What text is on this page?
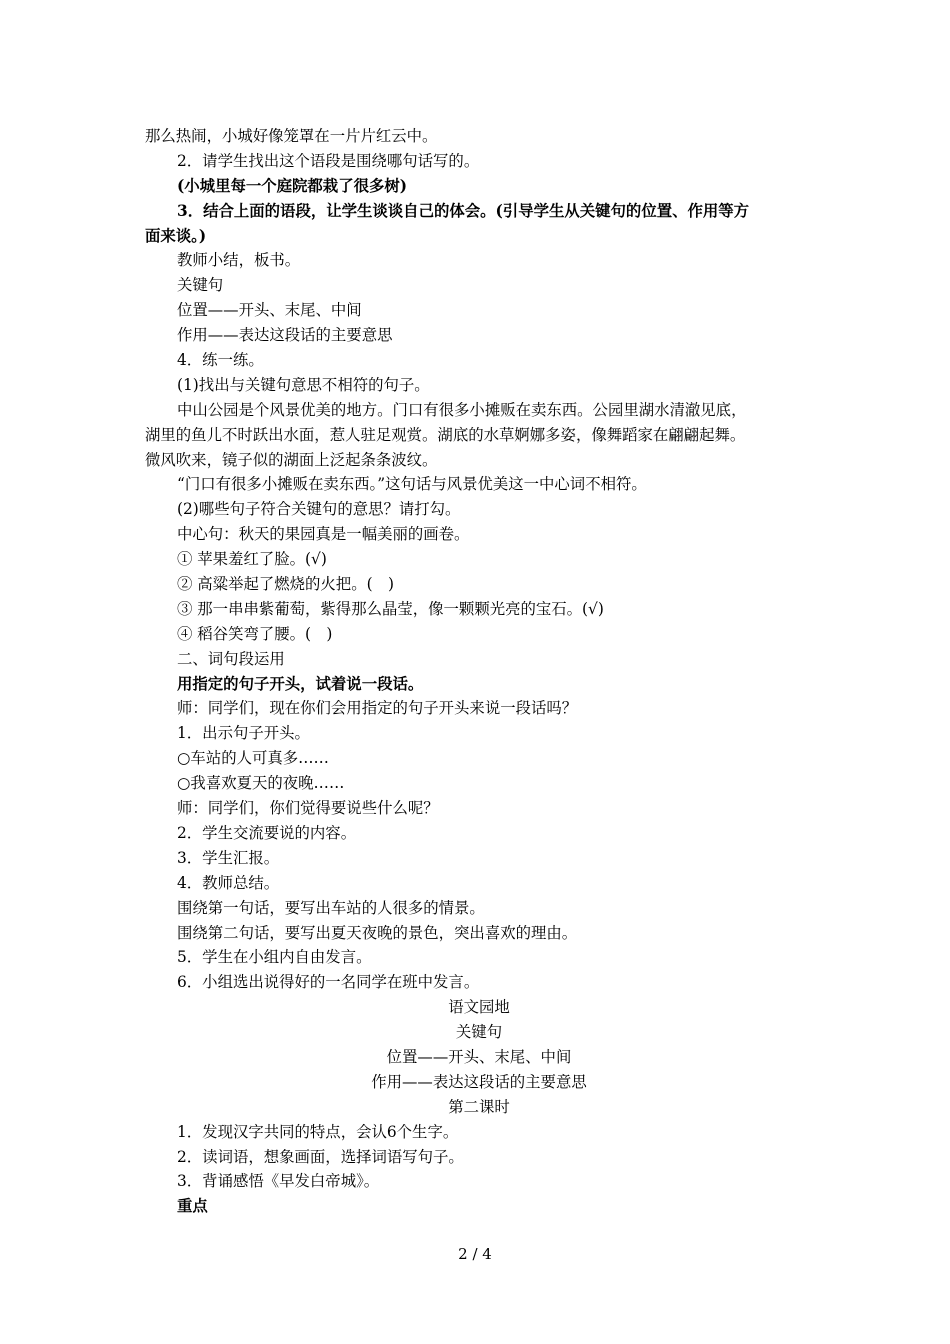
那么热闹，小城好像笼罩在一片片红云中。
2．请学生找出这个语段是围绕哪句话写的。
(小城里每一个庭院都栽了很多树)
3．结合上面的语段，让学生谈谈自己的体会。(引导学生从关键句的位置、作用等方
面来谈。)
教师小结，板书。
关键句
位置——开头、末尾、中间
作用——表达这段话的主要意思
4．练一练。
(1)找出与关键句意思不相符的句子。
中山公园是个风景优美的地方。门口有很多小摊贩在卖东西。公园里湖水清澈见底，
湖里的鱼儿不时跃出水面，惹人驻足观赏。湖底的水草婀娜多姿，像舞蹈家在翩翩起舞。
微风吹来，镜子似的湖面上泛起条条波纹。
“门口有很多小摊贩在卖东西。”这句话与风景优美这一中心词不相符。
(2)哪些句子符合关键句的意思？请打勾。
中心句：秋天的果园真是一幅美丽的画卷。
① 苹果羞红了脸。(√)
② 高粱举起了燃烧的火把。(　)
③ 那一串串紫葡萄，紫得那么晶莹，像一颗颗光亮的宝石。(√)
④ 稻谷笑弯了腰。(　)
二、词句段运用
用指定的句子开头，试着说一段话。
师：同学们，现在你们会用指定的句子开头来说一段话吗？
1．出示句子开头。
○车站的人可真多……
○我喜欢夏天的夜晚……
师：同学们，你们觉得要说些什么呢？
2．学生交流要说的内容。
3．学生汇报。
4．教师总结。
围绕第一句话，要写出车站的人很多的情景。
围绕第二句话，要写出夏天夜晚的景色，突出喜欢的理由。
5．学生在小组内自由发言。
6．小组选出说得好的一名同学在班中发言。
语文园地
关键句
位置——开头、末尾、中间
作用——表达这段话的主要意思
第二课时
1．发现汉字共同的特点，会认6个生字。
2．读词语，想象画面，选择词语写句子。
3．背诵感悟《早发白帝城》。
重点
2 / 4
